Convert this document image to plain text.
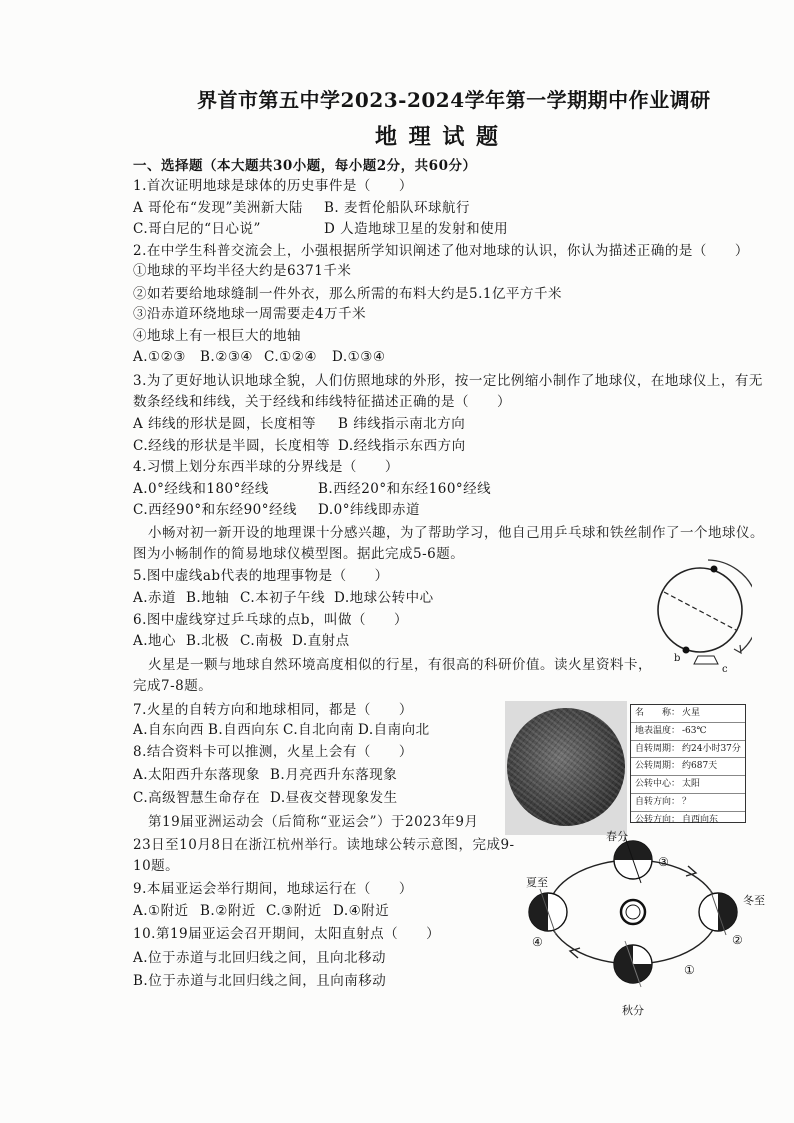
界首市第五中学2023-2024学年第一学期期中作业调研
地 理 试 题
一、选择题（本大题共30小题，每小题2分，共60分）
1.首次证明地球是球体的历史事件是（　　）
A 哥伦布“发现”美洲新大陆 B. 麦哲伦船队环球航行
C.哥白尼的“日心说”	D 人造地球卫星的发射和使用
2.在中学生科普交流会上，小强根据所学知识阐述了他对地球的认识，你认为描述正确的是（　　）
①地球的平均半径大约是6371千米
②如若要给地球缝制一件外衣，那么所需的布料大约是5.1亿平方千米
③沿赤道环绕地球一周需要走4万千米
④地球上有一根巨大的地轴
A.①②③ B.②③④ C.①②④ D.①③④
3.为了更好地认识地球全貌，人们仿照地球的外形，按一定比例缩小制作了地球仪，在地球仪上，有无
数条经线和纬线，关于经线和纬线特征描述正确的是（　　）
A 纬线的形状是圆，长度相等 B 纬线指示南北方向
C.经线的形状是半圆，长度相等 D.经线指示东西方向
4.习惯上划分东西半球的分界线是（　　）
A.0°经线和180°经线	B.西经20°和东经160°经线
C.西经90°和东经90°经线 D.0°纬线即赤道
小畅对初一新开设的地理课十分感兴趣，为了帮助学习，他自己用乒乓球和铁丝制作了一个地球仪。
图为小畅制作的简易地球仪模型图。据此完成5-6题。
5.图中虚线ab代表的地理事物是（　　）
A.赤道 B.地轴 C.本初子午线 D.地球公转中心
6.图中虚线穿过乒乓球的点b，叫做（　　）
A.地心 B.北极 C.南极 D.直射点
b
c
火星是一颗与地球自然环境高度相似的行星，有很高的科研价值。读火星资料卡，
完成7-8题。
7.火星的自转方向和地球相同，都是（　　）
A.自东向西 B.自西向东 C.自北向南 D.自南向北
8.结合资料卡可以推测，火星上会有（　　）
A.太阳西升东落现象 B.月亮西升东落现象
C.高级智慧生命存在 D.昼夜交替现象发生
名　　称： 火星
地表温度： -63℃
自转周期： 约24小时37分
公转周期： 约687天
公转中心： 太阳
自转方向： ？
公转方向： 自西向东
第19届亚洲运动会（后简称“亚运会”）于2023年9月
23日至10月8日在浙江杭州举行。读地球公转示意图，完成9-
10题。
9.本届亚运会举行期间，地球运行在（　　）
A.①附近 B.②附近 C.③附近 D.④附近
10.第19届亚运会召开期间，太阳直射点（　　）
A.位于赤道与北回归线之间，且向北移动
B.位于赤道与北回归线之间，且向南移动
春分
③
夏至
④
冬至
②
①
秋分
